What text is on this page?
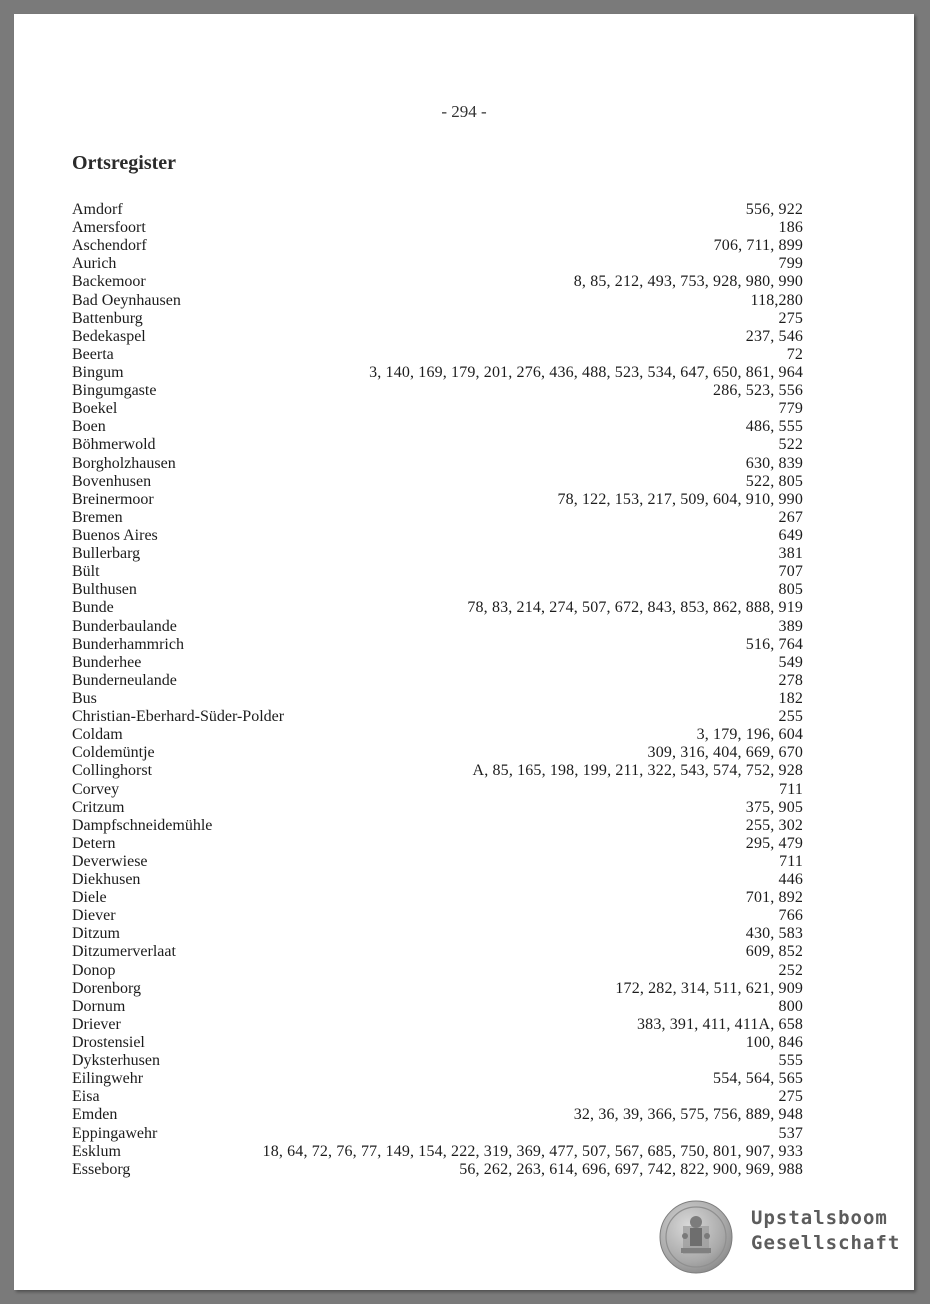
- 294 -
Ortsregister
Amdorf	556, 922
Amersfoort	186
Aschendorf	706, 711, 899
Aurich	799
Backemoor	8, 85, 212, 493, 753, 928, 980, 990
Bad Oeynhausen	118,280
Battenburg	275
Bedekaspel	237, 546
Beerta	72
Bingum	3, 140, 169, 179, 201, 276, 436, 488, 523, 534, 647, 650, 861, 964
Bingumgaste	286, 523, 556
Boekel	779
Boen	486, 555
Böhmerwold	522
Borgholzhausen	630, 839
Bovenhusen	522, 805
Breinermoor	78, 122, 153, 217, 509, 604, 910, 990
Bremen	267
Buenos Aires	649
Bullerbarg	381
Bült	707
Bulthusen	805
Bunde	78, 83, 214, 274, 507, 672, 843, 853, 862, 888, 919
Bunderbaulande	389
Bunderhammrich	516, 764
Bunderhee	549
Bunderneulande	278
Bus	182
Christian-Eberhard-Süder-Polder	255
Coldam	3, 179, 196, 604
Coldemüntje	309, 316, 404, 669, 670
Collinghorst	A, 85, 165, 198, 199, 211, 322, 543, 574, 752, 928
Corvey	711
Critzum	375, 905
Dampfschneidemühle	255, 302
Detern	295, 479
Deverwiese	711
Diekhusen	446
Diele	701, 892
Diever	766
Ditzum	430, 583
Ditzumerverlaat	609, 852
Donop	252
Dorenborg	172, 282, 314, 511, 621, 909
Dornum	800
Driever	383, 391, 411, 411A, 658
Drostensiel	100, 846
Dyksterhusen	555
Eilingwehr	554, 564, 565
Eisa	275
Emden	32, 36, 39, 366, 575, 756, 889, 948
Eppingawehr	537
Esklum	18, 64, 72, 76, 77, 149, 154, 222, 319, 369, 477, 507, 567, 685, 750, 801, 907, 933
Esseborg	56, 262, 263, 614, 696, 697, 742, 822, 900, 969, 988
Upstalsboom
Gesellschaft
